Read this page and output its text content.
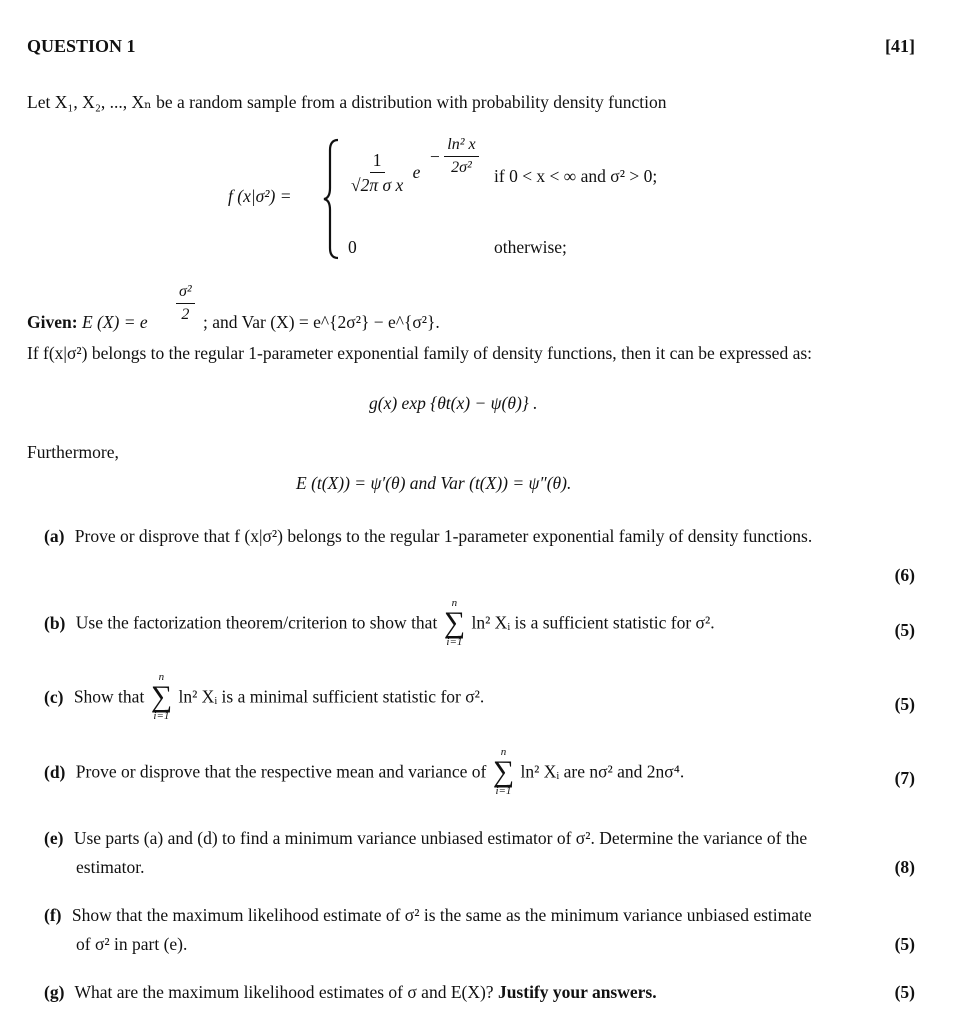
QUESTION 1	[41]
Let X₁, X₂, ..., Xₙ be a random sample from a distribution with probability density function
f (x|σ²) =
$\frac{1}{\text{√2π σ x}}$ e
− $\frac{\text{ln² x}}{\text{2σ²}}$ if 0 < x < ∞ and σ² > 0;
0	otherwise;
Given: E (X) = e $\frac{\text{σ²}}{2}$ ; and Var (X) = e^{2σ²} − e^{σ²}.
If f(x|σ²) belongs to the regular 1-parameter exponential family of density functions, then it can be expressed as:
g(x) exp {θt(x) − ψ(θ)} .
Furthermore,
E (t(X)) = ψ′(θ) and Var (t(X)) = ψ″(θ).
(a) Prove or disprove that f (x|σ²) belongs to the regular 1-parameter exponential family of density functions.
(6)
(b) Use the factorization theorem/criterion to show that
n
∑
i=1
ln² Xᵢ is a sufficient statistic for σ².	(5)
(c) Show that
n
∑
i=1
ln² Xᵢ is a minimal sufficient statistic for σ².	(5)
(d) Prove or disprove that the respective mean and variance of
n
∑
i=1
ln² Xᵢ are nσ² and 2nσ⁴.	(7)
(e) Use parts (a) and (d) to find a minimum variance unbiased estimator of σ². Determine the variance of the
estimator.	(8)
(f) Show that the maximum likelihood estimate of σ² is the same as the minimum variance unbiased estimate
of σ² in part (e).	(5)
(g) What are the maximum likelihood estimates of σ and E(X)? Justify your answers.	(5)
